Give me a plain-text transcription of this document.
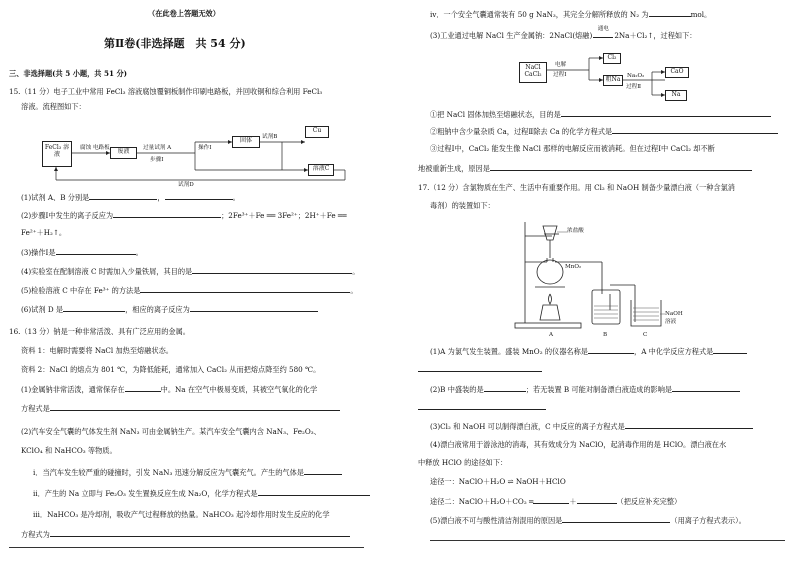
（在此卷上答题无效）
第Ⅱ卷(非选择题　共 54 分)
三、非选择题(共 5 小题，共 51 分)
15.（11 分）电子工业中常用 FeCl₃ 溶液腐蚀覆铜板制作印刷电路板，并回收铜和综合利用 FeCl₃
溶液。流程图如下：
FeCl₃ 溶液
腐蚀 电路板	废液	过量试剂 A
步骤Ⅰ
操作Ⅰ
固体	试剂B
Cu
溶液C
试剂D
(1)试剂 A、B 分别是	，	。
(2)步骤Ⅰ中发生的离子反应为	；2Fe³⁺＋Fe ══ 3Fe²⁺；2H⁺＋Fe ══
Fe²⁺＋H₂↑。
(3)操作Ⅰ是	。
(4)实验室在配制溶液 C 时需加入少量铁屑，其目的是	。
(5)检验溶液 C 中存在 Fe³⁺ 的方法是	。
(6)试剂 D 是	，相应的离子反应为
16.（13 分）钠是一种非常活泼、具有广泛应用的金属。
资料 1：电解时需要将 NaCl 加热至熔融状态。
资料 2：NaCl 的熔点为 801 ℃，为降低能耗，通常加入 CaCl₂ 从而把熔点降至约 580 ℃。
(1)金属钠非常活泼，通常保存在	中。Na 在空气中极易变质，其被空气氧化的化学
方程式是
(2)汽车安全气囊的气体发生剂 NaN₃ 可由金属钠生产。某汽车安全气囊内含 NaN₃、Fe₂O₃、
KClO₄ 和 NaHCO₃ 等物质。
ⅰ．当汽车发生较严重的碰撞时，引发 NaN₃ 迅速分解反应为气囊充气。产生的气体是
ⅱ．产生的 Na 立即与 Fe₂O₃ 发生置换反应生成 Na₂O，化学方程式是
ⅲ．NaHCO₃ 是冷却剂，吸收产气过程释放的热量。NaHCO₃ 起冷却作用时发生反应的化学
方程式为
ⅳ．一个安全气囊通常装有 50 g NaN₃，其完全分解所释放的 N₂ 为	mol。
(3)工业通过电解 NaCl 生产金属钠：2NaCl(熔融)
通电
2Na＋Cl₂↑，过程如下：
NaCl CaCl₂
电解
过程Ⅰ
Cl₂
粗Na	Na₂O₂
过程Ⅱ
CaO
Na
①把 NaCl 固体加热至熔融状态，目的是
②粗钠中含少量杂质 Ca，过程Ⅱ除去 Ca 的化学方程式是
③过程Ⅰ中，CaCl₂ 能发生像 NaCl 那样的电解反应而被消耗。但在过程Ⅰ中 CaCl₂ 却不断
地被重新生成，原因是
17.（12 分）含氯物质在生产、生活中有重要作用。用 Cl₂ 和 NaOH 制备少量漂白液（一种含氯消
毒剂）的装置如下：
浓盐酸
MnO₂
NaOH
溶液
A	B	C
(1)A 为氯气发生装置。盛装 MnO₂ 的仪器名称是	，A 中化学反应方程式是
(2)B 中盛装的是	；若无装置 B 可能对制备漂白液造成的影响是
(3)Cl₂ 和 NaOH 可以制得漂白液，C 中反应的离子方程式是
(4)漂白液常用于游泳池的消毒，其有效成分为 NaClO，起消毒作用的是 HClO。漂白液在水
中释放 HClO 的途径如下：
途径一：NaClO＋H₂O ⇌ NaOH＋HClO
途径二：NaClO＋H₂O＋CO₂ ═	＋	（把反应补充完整）
(5)漂白液不可与酸性清洁剂混用的原因是	（用离子方程式表示）。
